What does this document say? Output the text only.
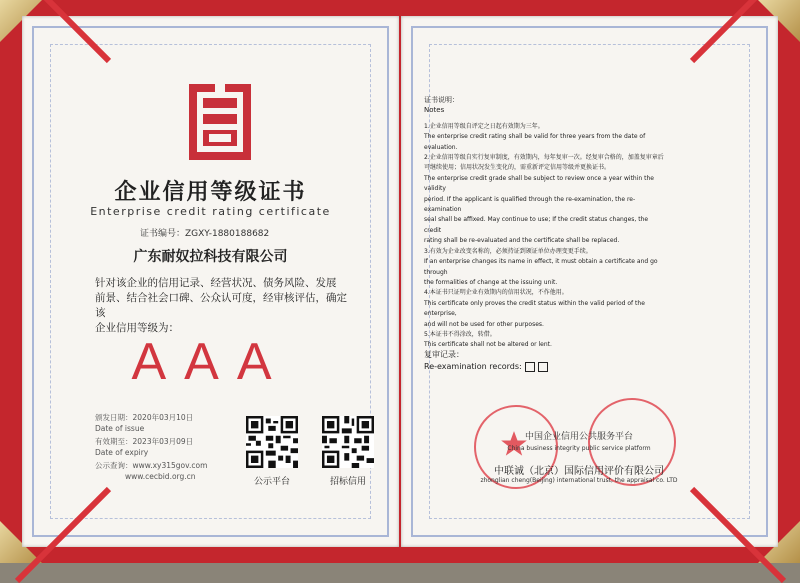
企业信用等级证书
Enterprise credit rating certificate
证书编号：ZGXY-1880188682
广东耐奴拉科技有限公司
针对该企业的信用记录、经营状况、债务风险、发展
前景、结合社会口碑、公众认可度，经审核评估，确定该
企业信用等级为：
AAA
颁发日期：2020年03月10日
Date of issue
有效期至：2023年03月09日
Date of expiry
公示查询：www.xy315gov.com
www.cecbid.org.cn
公示平台	招标信用
证书说明：
Notes
1.企业信用等级自评定之日起有效期为三年。
The enterprise credit rating shall be valid for three years from the date of evaluation.
2.企业信用等级自实行复审制度，有效期内，每年复审一次。经复审合格的，加盖复审章后
可继续使用；信用状况发生变化的，需重新评定信用等级并更换证书。
The enterprise credit grade shall be subject to review once a year within the validity
period. If the applicant is qualified through the re-examination, the re-examination
seal shall be affixed. May continue to use; If the credit status changes, the credit
rating shall be re-evaluated and the certificate shall be replaced.
3.有效为企业改变名称的，必须持证到颁证单位办理变更手续。
If an enterprise changes its name in effect, it must obtain a certificate and go through
the formalities of change at the issuing unit.
4.本证书只证明企业有效期内的信用状况，不作他用。
This certificate only proves the credit status within the valid period of the enterprise,
and will not be used for other purposes.
5.本证书不得涂改，转借。
This certificate shall not be altered or lent.
复审记录：
Re-examination records:
中国企业信用公共服务平台
China business integrity public service platform
中联诚（北京）国际信用评价有限公司
zhonglian cheng(Beijing) international trust, the appraisal co. LTD
